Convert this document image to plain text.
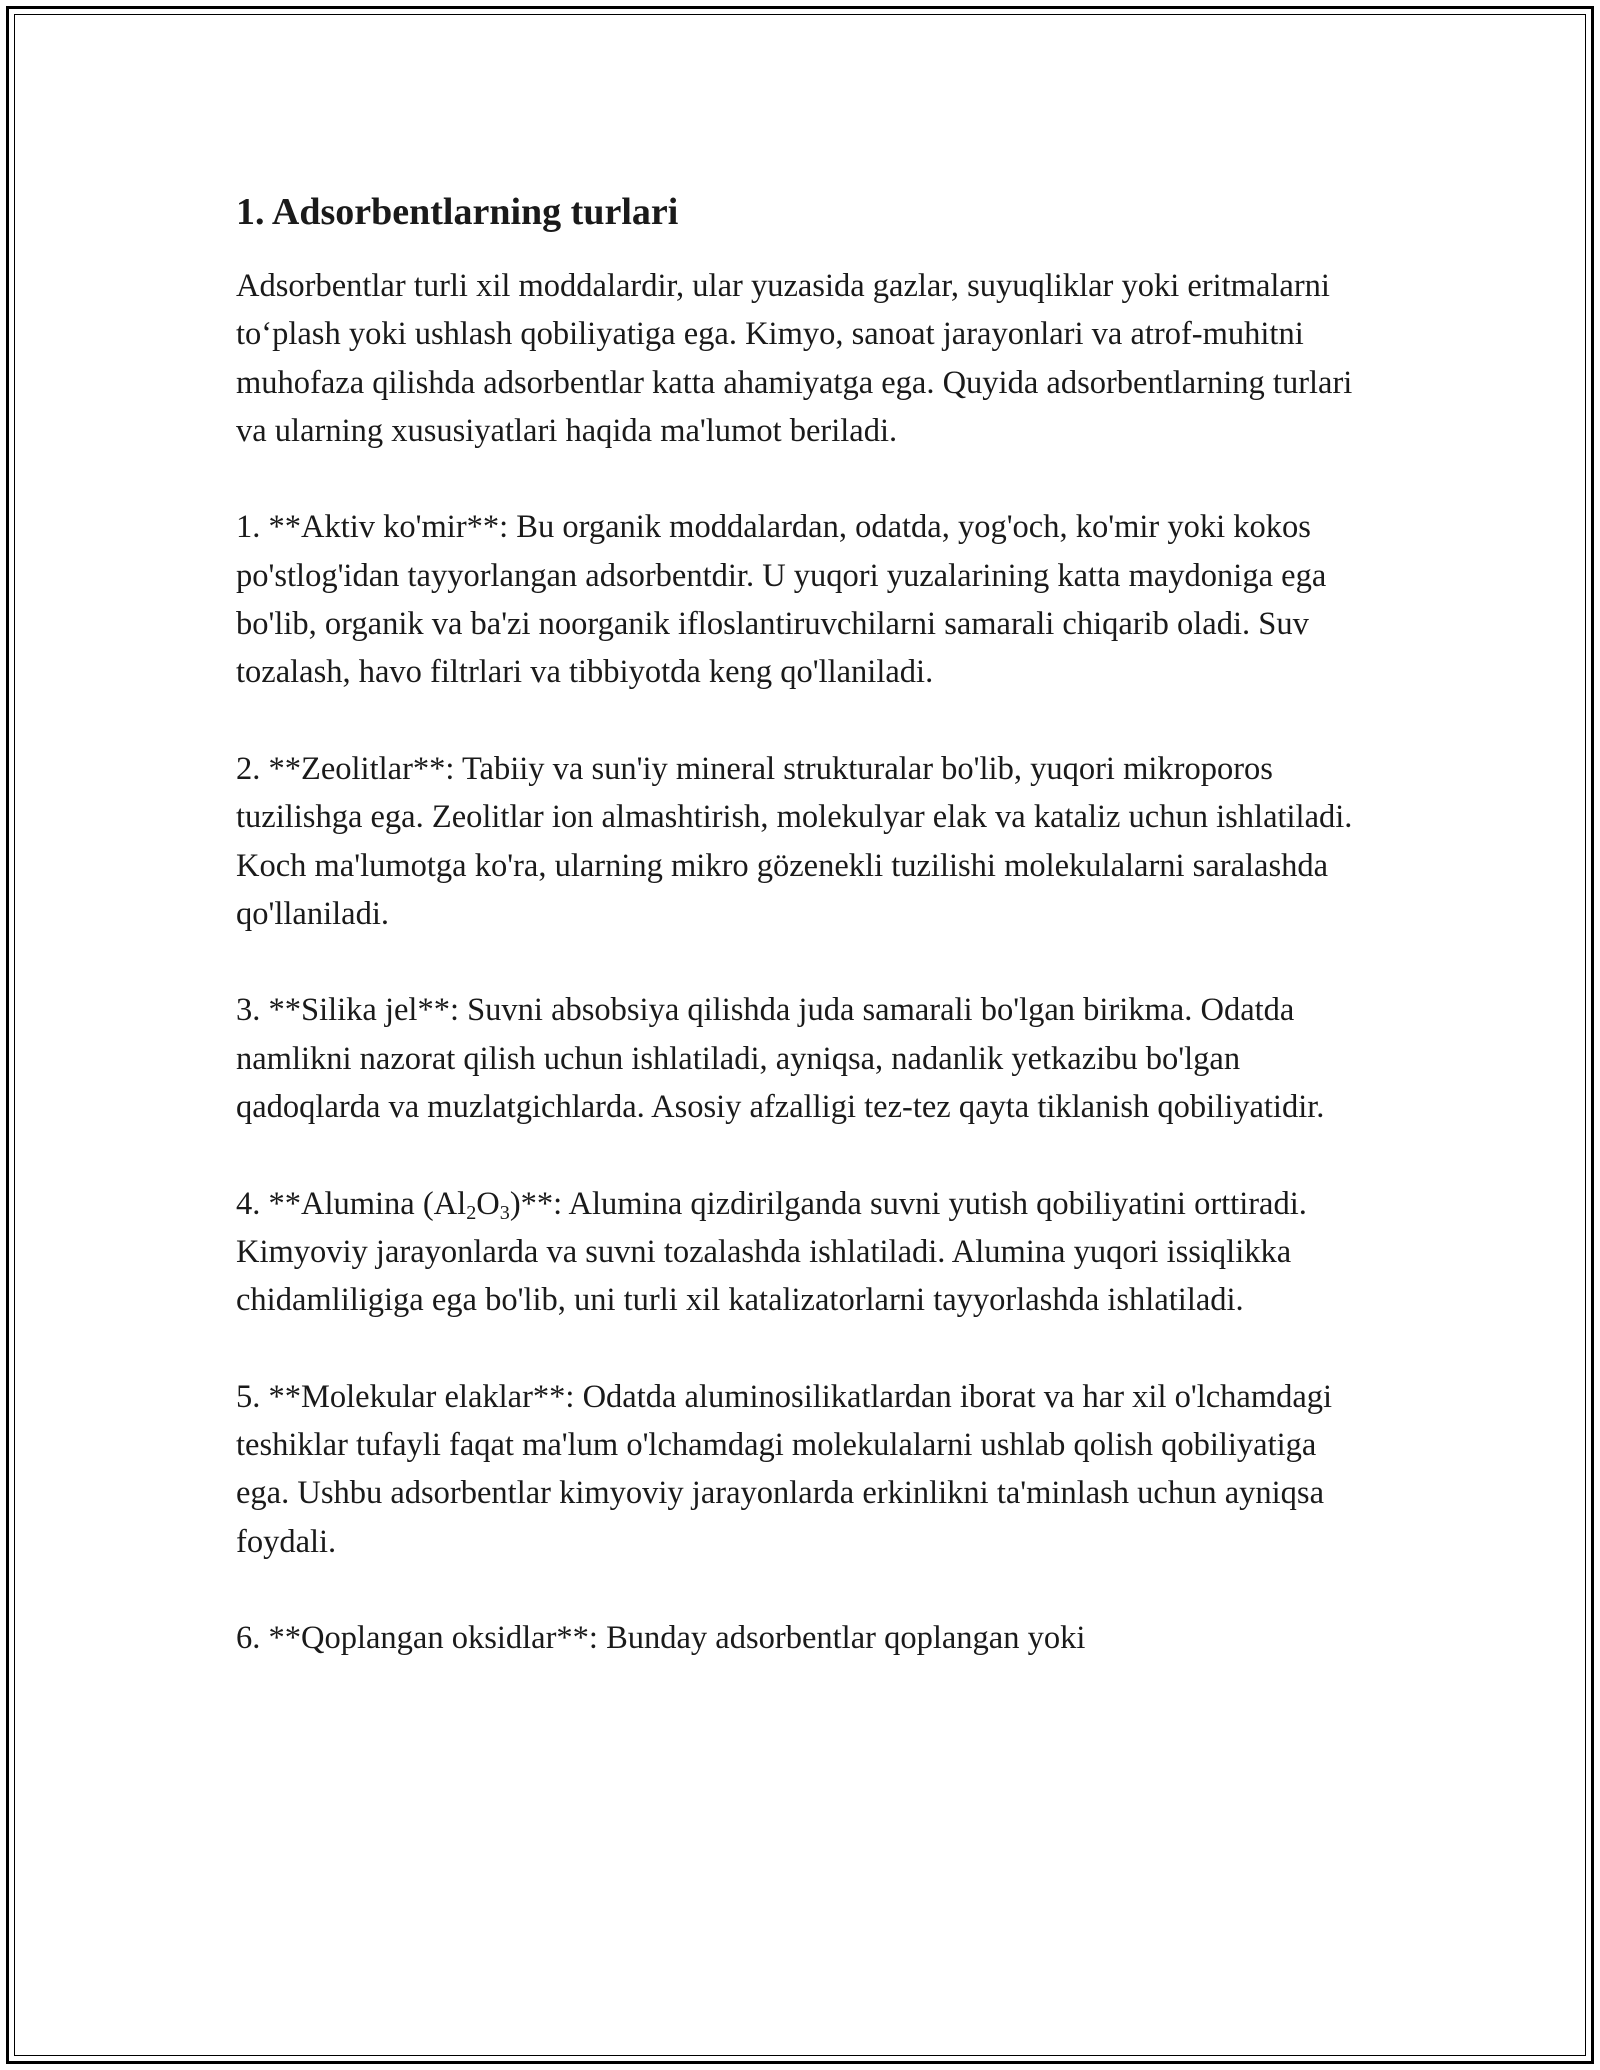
1. Adsorbentlarning turlari

Adsorbentlar turli xil moddalardir, ular yuzasida gazlar, suyuqliklar yoki eritmalarni to‘plash yoki ushlash qobiliyatiga ega. Kimyo, sanoat jarayonlari va atrof-muhitni muhofaza qilishda adsorbentlar katta ahamiyatga ega. Quyida adsorbentlarning turlari va ularning xususiyatlari haqida ma'lumot beriladi.

1. **Aktiv ko'mir**: Bu organik moddalardan, odatda, yog'och, ko'mir yoki kokos po'stlog'idan tayyorlangan adsorbentdir. U yuqori yuzalarining katta maydoniga ega bo'lib, organik va ba'zi noorganik ifloslantiruvchilarni samarali chiqarib oladi. Suv tozalash, havo filtrlari va tibbiyotda keng qo'llaniladi.

2. **Zeolitlar**: Tabiiy va sun'iy mineral strukturalar bo'lib, yuqori mikroporos tuzilishga ega. Zeolitlar ion almashtirish, molekulyar elak va kataliz uchun ishlatiladi. Koch ma'lumotga ko'ra, ularning mikro gözenekli tuzilishi molekulalarni saralashda qo'llaniladi.

3. **Silika jel**: Suvni absobsiya qilishda juda samarali bo'lgan birikma. Odatda namlikni nazorat qilish uchun ishlatiladi, ayniqsa, nadanlik yetkazibu bo'lgan qadoqlarda va muzlatgichlarda. Asosiy afzalligi tez-tez qayta tiklanish qobiliyatidir.

4. **Alumina $(Al_2O_3)**$: Alumina qizdirilganda suvni yutish qobiliyatini orttiradi. Kimyoviy jarayonlarda va suvni tozalashda ishlatiladi. Alumina yuqori issiqlikka chidamliligiga ega bo'lib, uni turli xil katalizatorlarni tayyorlashda ishlatiladi.

5. **Molekular elaklar**: Odatda aluminosilikatlardan iborat va har xil o'lchamdagi teshiklar tufayli faqat ma'lum o'lchamdagi molekulalarni ushlab qolish qobiliyatiga ega. Ushbu adsorbentlar kimyoviy jarayonlarda erkinlikni ta'minlash uchun ayniqsa foydali.

6. **Qoplangan oksidlar**: Bunday adsorbentlar qoplangan yoki
